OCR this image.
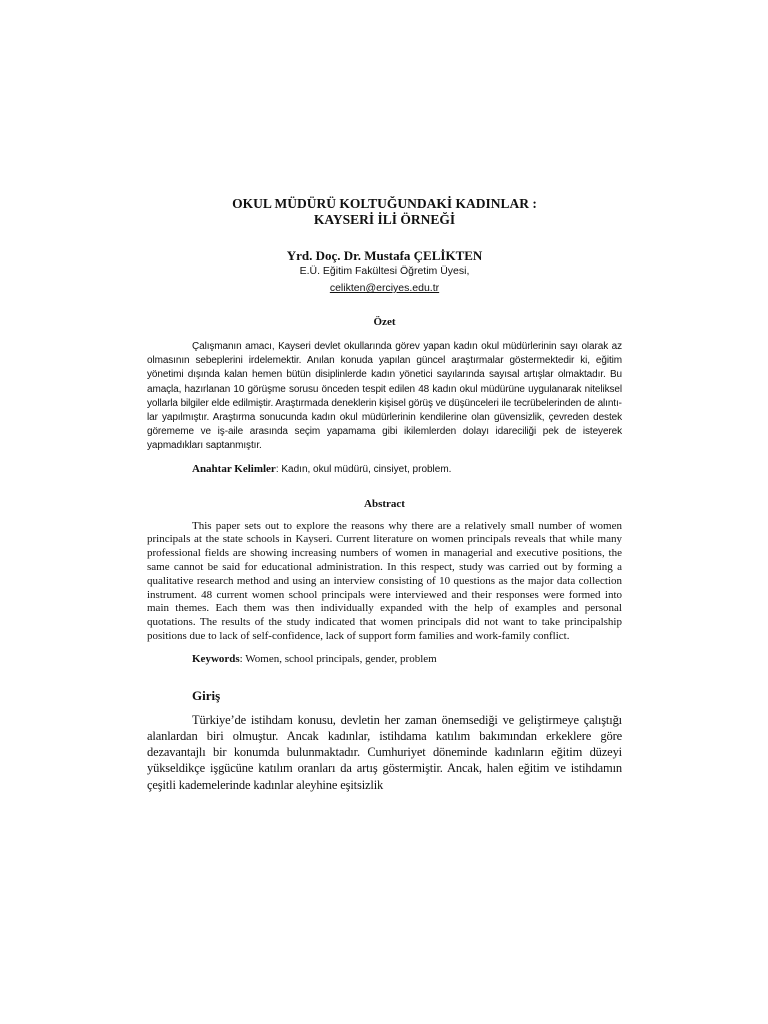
OKUL MÜDÜRÜ KOLTUĞUNDAKİ KADINLAR :
KAYSERİ İLİ ÖRNEĞİ
Yrd. Doç. Dr. Mustafa ÇELİKTEN
E.Ü. Eğitim Fakültesi Öğretim Üyesi,
celikten@erciyes.edu.tr
Özet

Çalışmanın amacı, Kayseri devlet okullarında görev yapan kadın okul müdürlerinin sayı olarak az olmasının sebeplerini irdelemektir. Anılan konuda yapılan güncel araştırmalar göstermektedir ki, eğitim yönetimi dışında kalan hemen bütün disiplinlerde kadın yönetici sayılarında sayısal artışlar olmaktadır. Bu amaçla, hazırlanan 10 görüşme sorusu önceden tespit edilen 48 kadın okul müdürüne uygulanarak niteliksel yollarla bilgiler elde edilmiştir. Araştırmada deneklerin kişisel görüş ve düşünceleri ile tecrübelerinden de alıntılar yapılmıştır. Araştırma sonucunda kadın okul müdürlerinin kendilerine olan güvensizlik, çevreden destek görememe ve iş-aile arasında seçim yapamama gibi ikilemlerden dolayı idareciliği pek de isteyerek yapmadıkları saptanmıştır.

Anahtar Kelimler: Kadın, okul müdürü, cinsiyet, problem.

Abstract

This paper sets out to explore the reasons why there are a relatively small number of women principals at the state schools in Kayseri. Current literature on women principals reveals that while many professional fields are showing increasing numbers of women in managerial and executive positions, the same cannot be said for educational administration. In this respect, study was carried out by forming a qualitative research method and using an interview consisting of 10 questions as the major data collection instrument. 48 current women school principals were interviewed and their responses were formed into main themes. Each them was then individually expanded with the help of examples and personal quotations. The results of the study indicated that women principals did not want to take principalship positions due to lack of self-confidence, lack of support form families and work-family conflict.

Keywords: Women, school principals, gender, problem

Giriş

Türkiye’de istihdam konusu, devletin her zaman önemsediği ve geliştirmeye çalıştığı alanlardan biri olmuştur. Ancak kadınlar, istihdama katılım bakımından erkeklere göre dezavantajlı bir konumda bulunmaktadır. Cumhuriyet döneminde kadınların eğitim düzeyi yükseldikçe işgücüne katılım oranları da artış göstermiştir. Ancak, halen eğitim ve istihdamın çeşitli kademelerinde kadınlar aleyhine eşitsizlik
